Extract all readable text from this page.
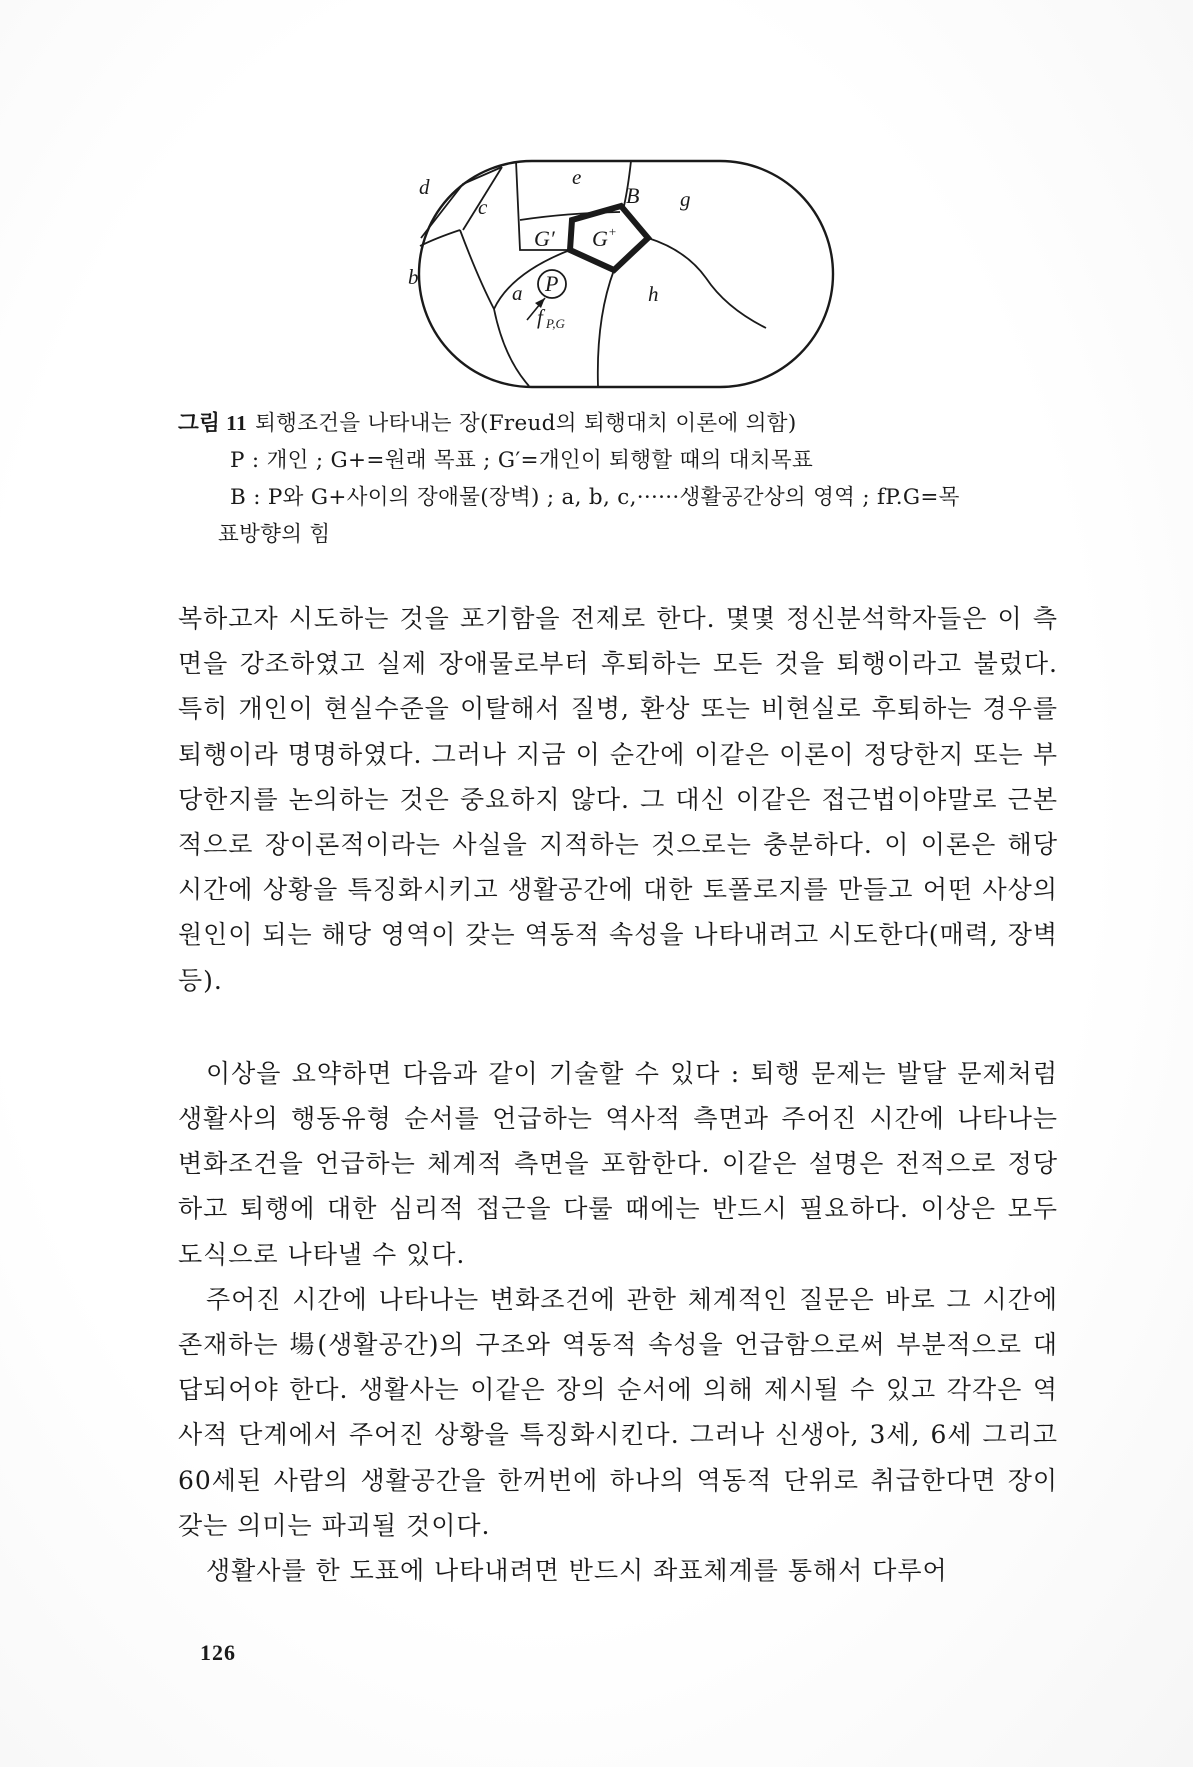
d
c
e
B g
G′ G +
b
a P	h
f P,G
그림 11 퇴행조건을 나타내는 장(Freud의 퇴행대치 이론에 의함)
P : 개인 ; G+=원래 목표 ; G′=개인이 퇴행할 때의 대치목표
B : P와 G+사이의 장애물(장벽) ; a, b, c,······생활공간상의 영역 ; fP.G=목
표방향의 힘

복하고자 시도하는 것을 포기함을 전제로 한다. 몇몇 정신분석학자들은 이 측면을 강조하였고 실제 장애물로부터 후퇴하는 모든 것을 퇴행이라고 불렀다. 특히 개인이 현실수준을 이탈해서 질병, 환상 또는 비현실로 후퇴하는 경우를 퇴행이라 명명하였다. 그러나 지금 이 순간에 이같은 이론이 정당한지 또는 부당한지를 논의하는 것은 중요하지 않다. 그 대신 이같은 접근법이야말로 근본적으로 장이론적이라는 사실을 지적하는 것으로는 충분하다. 이 이론은 해당 시간에 상황을 특징화시키고 생활공간에 대한 토폴로지를 만들고 어떤 사상의 원인이 되는 해당 영역이 갖는 역동적 속성을 나타내려고 시도한다(매력, 장벽 등).

이상을 요약하면 다음과 같이 기술할 수 있다 : 퇴행 문제는 발달 문제처럼 생활사의 행동유형 순서를 언급하는 역사적 측면과 주어진 시간에 나타나는 변화조건을 언급하는 체계적 측면을 포함한다. 이같은 설명은 전적으로 정당하고 퇴행에 대한 심리적 접근을 다룰 때에는 반드시 필요하다. 이상은 모두 도식으로 나타낼 수 있다.

주어진 시간에 나타나는 변화조건에 관한 체계적인 질문은 바로 그 시간에 존재하는 場(생활공간)의 구조와 역동적 속성을 언급함으로써 부분적으로 대답되어야 한다. 생활사는 이같은 장의 순서에 의해 제시될 수 있고 각각은 역사적 단계에서 주어진 상황을 특징화시킨다. 그러나 신생아, 3세, 6세 그리고 60세된 사람의 생활공간을 한꺼번에 하나의 역동적 단위로 취급한다면 장이 갖는 의미는 파괴될 것이다.

생활사를 한 도표에 나타내려면 반드시 좌표체계를 통해서 다루어

126
